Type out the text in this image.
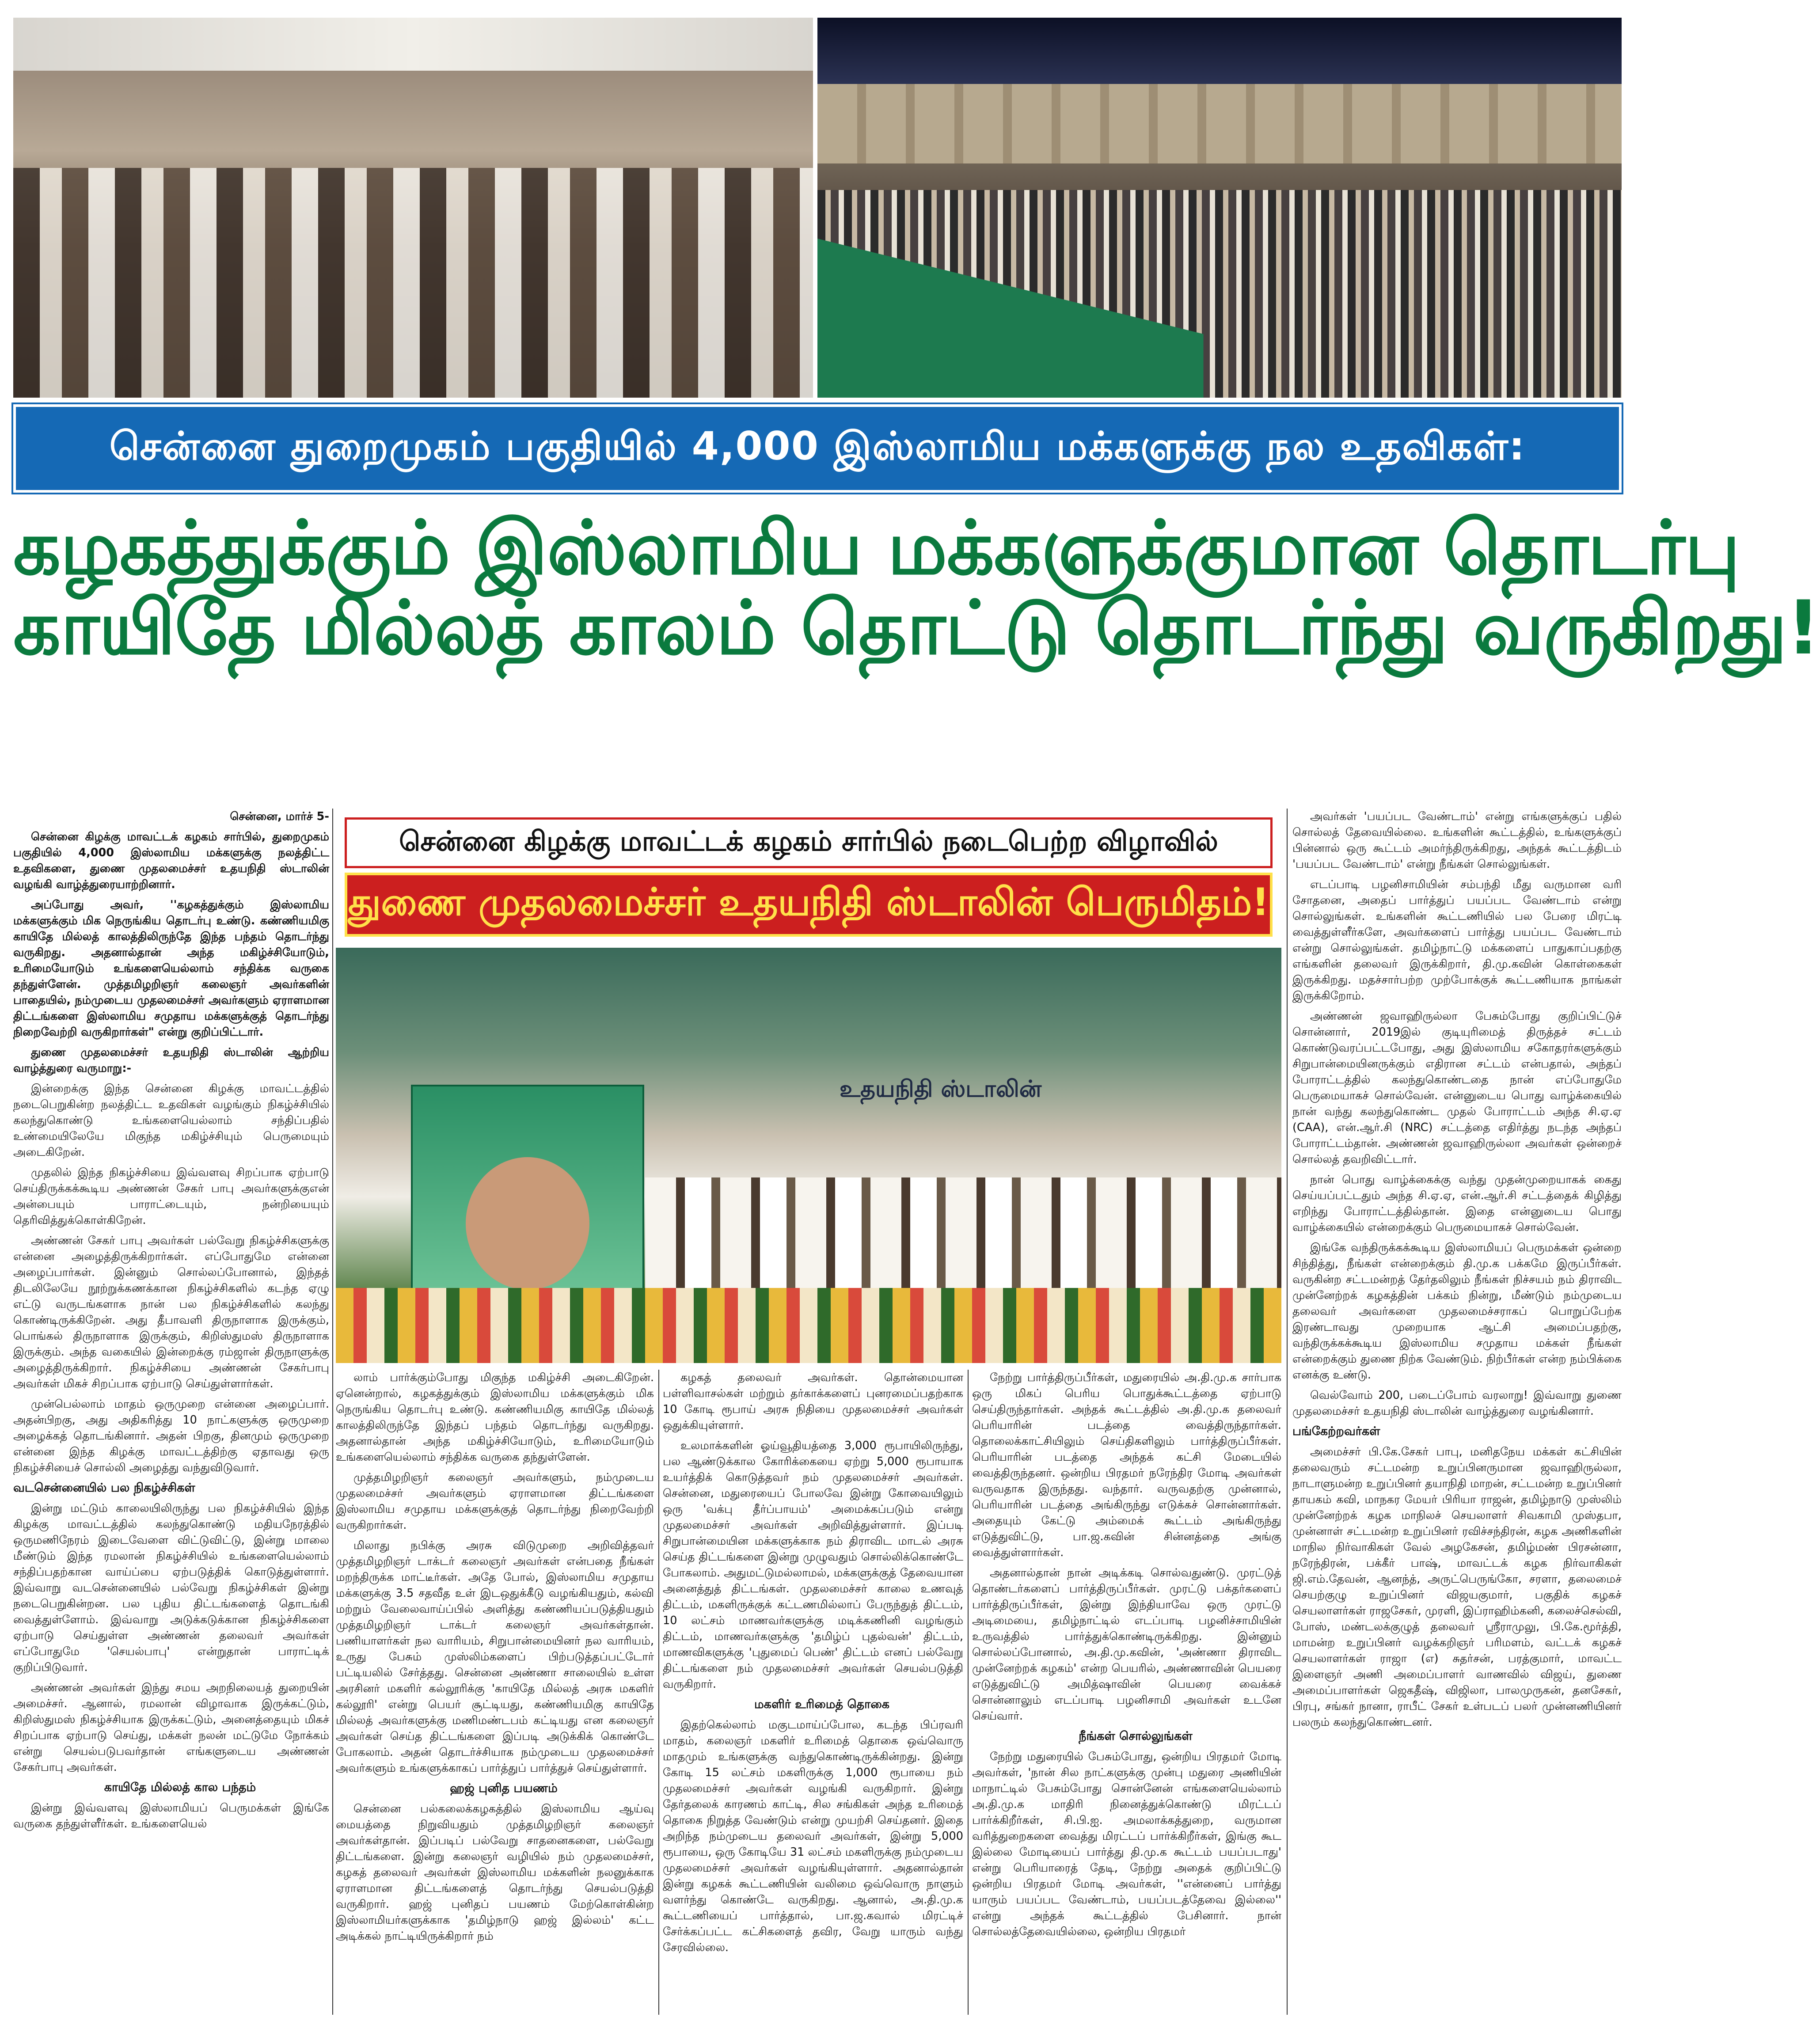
சென்னை துறைமுகம் பகுதியில் 4,000 இஸ்லாமிய மக்களுக்கு நல உதவிகள்:
கழகத்துக்கும் இஸ்லாமிய மக்களுக்குமான தொடர்பு
காயிதே மில்லத் காலம் தொட்டு தொடர்ந்து வருகிறது!

சென்னை, மார்ச் 5-

சென்னை கிழக்கு மாவட்டக் கழகம் சார்பில், துறைமுகம் பகுதியில் 4,000 இஸ்லாமிய மக்களுக்கு நலத்திட்ட உதவிகளை, துணை முதலமைச்சர் உதயநிதி ஸ்டாலின் வழங்கி வாழ்த்துரையாற்றினார்.

அப்போது அவர், ''கழகத்துக்கும் இஸ்லாமிய மக்களுக்கும் மிக நெருங்கிய தொடர்பு உண்டு. கண்ணியமிகு காயிதே மில்லத் காலத்திலிருந்தே இந்த பந்தம் தொடர்ந்து வருகிறது. அதனால்தான் அந்த மகிழ்ச்சியோடும், உரிமையோடும் உங்களையெல்லாம் சந்திக்க வருகை தந்துள்ளேன். முத்தமிழறிஞர் கலைஞர் அவர்களின் பாதையில், நம்முடைய முதலமைச்சர் அவர்களும் ஏராளமான திட்டங்களை இஸ்லாமிய சமுதாய மக்களுக்குத் தொடர்ந்து நிறைவேற்றி வருகிறார்கள்" என்று குறிப்பிட்டார்.

துணை முதலமைச்சர் உதயநிதி ஸ்டாலின் ஆற்றிய வாழ்த்துரை வருமாறு:-

இன்றைக்கு இந்த சென்னை கிழக்கு மாவட்டத்தில் நடைபெறுகின்ற நலத்திட்ட உதவிகள் வழங்கும் நிகழ்ச்சியில் கலந்துகொண்டு உங்களையெல்லாம் சந்திப்பதில் உண்மையிலேயே மிகுந்த மகிழ்ச்சியும் பெருமையும் அடைகிறேன்.

முதலில் இந்த நிகழ்ச்சியை இவ்வளவு சிறப்பாக ஏற்பாடு செய்திருக்கக்கூடிய அண்ணன் சேகர் பாபு அவர்களுக்குஎன் அன்பையும் பாராட்டையும், நன்றியையும் தெரிவித்துக்கொள்கிறேன்.

அண்ணன் சேகர் பாபு அவர்கள் பல்வேறு நிகழ்ச்சிகளுக்கு என்னை அழைத்திருக்கிறார்கள். எப்போதுமே என்னை அழைப்பார்கள். இன்னும் சொல்லப்போனால், இந்தத் திடலிலேயே நூற்றுக்கணக்கான நிகழ்ச்சிகளில் கடந்த ஏழு எட்டு வருடங்களாக நான் பல நிகழ்ச்சிகளில் கலந்து கொண்டிருக்கிறேன். அது தீபாவளி திருநாளாக இருக்கும், பொங்கல் திருநாளாக இருக்கும், கிறிஸ்துமஸ் திருநாளாக இருக்கும். அந்த வகையில் இன்றைக்கு ரம்ஜான் திருநாளுக்கு அழைத்திருக்கிறார். நிகழ்ச்சியை அண்ணன் சேகர்பாபு அவர்கள் மிகச் சிறப்பாக ஏற்பாடு செய்துள்ளார்கள்.

முன்பெல்லாம் மாதம் ஒருமுறை என்னை அழைப்பார். அதன்பிறகு, அது அதிகரித்து 10 நாட்களுக்கு ஒருமுறை அழைக்கத் தொடங்கினார். அதன் பிறகு, தினமும் ஒருமுறை என்னை இந்த கிழக்கு மாவட்டத்திற்கு ஏதாவது ஒரு நிகழ்ச்சியைச் சொல்லி அழைத்து வந்துவிடுவார்.

வடசென்னையில் பல நிகழ்ச்சிகள்

இன்று மட்டும் காலையிலிருந்து பல நிகழ்ச்சியில் இந்த கிழக்கு மாவட்டத்தில் கலந்துகொண்டு மதியநேரத்தில் ஒருமணிநேரம் இடைவேளை விட்டுவிட்டு, இன்று மாலை மீண்டும் இந்த ரமலான் நிகழ்ச்சியில் உங்களையெல்லாம் சந்திப்பதற்கான வாய்ப்பை ஏற்படுத்திக் கொடுத்துள்ளார். இவ்வாறு வடசென்னையில் பல்வேறு நிகழ்ச்சிகள் இன்று நடைபெறுகின்றன. பல புதிய திட்டங்களைத் தொடங்கி வைத்துள்ளோம். இவ்வாறு அடுக்கடுக்கான நிகழ்ச்சிகளை ஏற்பாடு செய்துள்ள அண்ணன் தலைவர் அவர்கள் எப்போதுமே 'செயல்பாபு' என்றுதான் பாராட்டிக் குறிப்பிடுவார்.

அண்ணன் அவர்கள் இந்து சமய அறநிலையத் துறையின் அமைச்சர். ஆனால், ரமலான் விழாவாக இருக்கட்டும், கிறிஸ்துமஸ் நிகழ்ச்சியாக இருக்கட்டும், அனைத்தையும் மிகச் சிறப்பாக ஏற்பாடு செய்து, மக்கள் நலன் மட்டுமே நோக்கம் என்று செயல்படுபவர்தான் எங்களுடைய அண்ணன் சேகர்பாபு அவர்கள்.

காயிதே மில்லத் கால பந்தம்

இன்று இவ்வளவு இஸ்லாமியப் பெருமக்கள் இங்கே வருகை தந்துள்ளீர்கள். உங்களையெல்

சென்னை கிழக்கு மாவட்டக் கழகம் சார்பில் நடைபெற்ற விழாவில்
துணை முதலமைச்சர் உதயநிதி ஸ்டாலின் பெருமிதம்!
உதயநிதி ஸ்டாலின்

லாம் பார்க்கும்போது மிகுந்த மகிழ்ச்சி அடைகிறேன். ஏனென்றால், கழகத்துக்கும் இஸ்லாமிய மக்களுக்கும் மிக நெருங்கிய தொடர்பு உண்டு. கண்ணியமிகு காயிதே மில்லத் காலத்திலிருந்தே இந்தப் பந்தம் தொடர்ந்து வருகிறது. அதனால்தான் அந்த மகிழ்ச்சியோடும், உரிமையோடும் உங்களையெல்லாம் சந்திக்க வருகை தந்துள்ளேன்.

முத்தமிழறிஞர் கலைஞர் அவர்களும், நம்முடைய முதலமைச்சர் அவர்களும் ஏராளமான திட்டங்களை இஸ்லாமிய சமுதாய மக்களுக்குத் தொடர்ந்து நிறைவேற்றி வருகிறார்கள்.

மிலாது நபிக்கு அரசு விடுமுறை அறிவித்தவர் முத்தமிழறிஞர் டாக்டர் கலைஞர் அவர்கள் என்பதை நீங்கள் மறந்திருக்க மாட்டீர்கள். அதே போல், இஸ்லாமிய சமுதாய மக்களுக்கு 3.5 சதவீத உள் இடஒதுக்கீடு வழங்கியதும், கல்வி மற்றும் வேலைவாய்ப்பில் அளித்து கண்ணியப்படுத்தியதும் முத்தமிழறிஞர் டாக்டர் கலைஞர் அவர்கள்தான். பணியாளர்கள் நல வாரியம், சிறுபான்மையினர் நல வாரியம், உருது பேசும் முஸ்லிம்களைப் பிற்படுத்தப்பட்டோர் பட்டியலில் சேர்த்தது. சென்னை அண்ணா சாலையில் உள்ள அரசினர் மகளிர் கல்லூரிக்கு 'காயிதே மில்லத் அரசு மகளிர் கல்லூரி' என்று பெயர் சூட்டியது, கண்ணியமிகு காயிதே மில்லத் அவர்களுக்கு மணிமண்டபம் கட்டியது என கலைஞர் அவர்கள் செய்த திட்டங்களை இப்படி அடுக்கிக் கொண்டே போகலாம். அதன் தொடர்ச்சியாக நம்முடைய முதலமைச்சர் அவர்களும் உங்களுக்காகப் பார்த்துப் பார்த்துச் செய்துள்ளார்.

ஹஜ் புனித பயணம்

சென்னை பல்கலைக்கழகத்தில் இஸ்லாமிய ஆய்வு மையத்தை நிறுவியதும் முத்தமிழறிஞர் கலைஞர் அவர்கள்தான். இப்படிப் பல்வேறு சாதனைகளை, பல்வேறு திட்டங்களை. இன்று கலைஞர் வழியில் நம் முதலமைச்சர், கழகத் தலைவர் அவர்கள் இஸ்லாமிய மக்களின் நலனுக்காக ஏராளமான திட்டங்களைத் தொடர்ந்து செயல்படுத்தி வருகிறார். ஹஜ் புனிதப் பயணம் மேற்கொள்கின்ற இஸ்லாமியர்களுக்காக 'தமிழ்நாடு ஹஜ் இல்லம்' கட்ட அடிக்கல் நாட்டியிருக்கிறார் நம்

கழகத் தலைவர் அவர்கள். தொன்மையான பள்ளிவாசல்கள் மற்றும் தர்காக்களைப் புனரமைப்பதற்காக 10 கோடி ரூபாய் அரசு நிதியை முதலமைச்சர் அவர்கள் ஒதுக்கியுள்ளார்.

உலமாக்களின் ஓய்வூதியத்தை 3,000 ரூபாயிலிருந்து, பல ஆண்டுக்கால கோரிக்கையை ஏற்று 5,000 ரூபாயாக உயர்த்திக் கொடுத்தவர் நம் முதலமைச்சர் அவர்கள். சென்னை, மதுரையைப் போலவே இன்று கோவையிலும் ஒரு 'வக்பு தீர்ப்பாயம்' அமைக்கப்படும் என்று முதலமைச்சர் அவர்கள் அறிவித்துள்ளார். இப்படி சிறுபான்மையின மக்களுக்காக நம் திராவிட மாடல் அரசு செய்த திட்டங்களை இன்று முழுவதும் சொல்லிக்கொண்டே போகலாம். அதுமட்டுமல்லாமல், மக்களுக்குத் தேவையான அனைத்துத் திட்டங்கள். முதலமைச்சர் காலை உணவுத் திட்டம், மகளிருக்குக் கட்டணமில்லாப் பேருந்துத் திட்டம், 10 லட்சம் மாணவர்களுக்கு மடிக்கணினி வழங்கும் திட்டம், மாணவர்களுக்கு 'தமிழ்ப் புதல்வன்' திட்டம், மாணவிகளுக்கு 'புதுமைப் பெண்' திட்டம் எனப் பல்வேறு திட்டங்களை நம் முதலமைச்சர் அவர்கள் செயல்படுத்தி வருகிறார்.

மகளிர் உரிமைத் தொகை

இதற்கெல்லாம் மகுடமாய்ப்போல, கடந்த பிப்ரவரி மாதம், கலைஞர் மகளிர் உரிமைத் தொகை ஒவ்வொரு மாதமும் உங்களுக்கு வந்துகொண்டிருக்கின்றது. இன்று கோடி 15 லட்சம் மகளிருக்கு 1,000 ரூபாயை நம் முதலமைச்சர் அவர்கள் வழங்கி வருகிறார். இன்று தேர்தலைக் காரணம் காட்டி, சில சங்கிகள் அந்த உரிமைத் தொகை நிறுத்த வேண்டும் என்று முயற்சி செய்தனர். இதை அறிந்த நம்முடைய தலைவர் அவர்கள், இன்று 5,000 ரூபாயை, ஒரு கோடியே 31 லட்சம் மகளிருக்கு நம்முடைய முதலமைச்சர் அவர்கள் வழங்கியுள்ளார். அதனால்தான் இன்று கழகக் கூட்டணியின் வலிமை ஒவ்வொரு நாளும் வளர்ந்து கொண்டே வருகிறது. ஆனால், அ.தி.மு.க கூட்டணியைப் பார்த்தால், பா.ஜ.கவால் மிரட்டிச் சேர்க்கப்பட்ட கட்சிகளைத் தவிர, வேறு யாரும் வந்து சேரவில்லை.

நேற்று பார்த்திருப்பீர்கள், மதுரையில் அ.தி.மு.க சார்பாக ஒரு மிகப் பெரிய பொதுக்கூட்டத்தை ஏற்பாடு செய்திருந்தார்கள். அந்தக் கூட்டத்தில் அ.தி.மு.க தலைவர் பெரியாரின் படத்தை வைத்திருந்தார்கள். தொலைக்காட்சியிலும் செய்திகளிலும் பார்த்திருப்பீர்கள். பெரியாரின் படத்தை அந்தக் கட்சி மேடையில் வைத்திருந்தனர். ஒன்றிய பிரதமர் நரேந்திர மோடி அவர்கள் வருவதாக இருந்தது. வந்தார். வருவதற்கு முன்னால், பெரியாரின் படத்தை அங்கிருந்து எடுக்கச் சொன்னார்கள். அதையும் கேட்டு அம்மைக் கூட்டம் அங்கிருந்து எடுத்துவிட்டு, பா.ஜ.கவின் சின்னத்தை அங்கு வைத்துள்ளார்கள்.

அதனால்தான் நான் அடிக்கடி சொல்வதுண்டு. முரட்டுத் தொண்டர்களைப் பார்த்திருப்பீர்கள். முரட்டு பக்தர்களைப் பார்த்திருப்பீர்கள், இன்று இந்தியாவே ஒரு முரட்டு அடிமையை, தமிழ்நாட்டில் எடப்பாடி பழனிச்சாமியின் உருவத்தில் பார்த்துக்கொண்டிருக்கிறது. இன்னும் சொல்லப்போனால், அ.தி.மு.கவின், 'அண்ணா திராவிட முன்னேற்றக் கழகம்' என்ற பெயரில், அண்ணாவின் பெயரை எடுத்துவிட்டு அமித்ஷாவின் பெயரை வைக்கச் சொன்னாலும் எடப்பாடி பழனிசாமி அவர்கள் உடனே செய்வார்.

நீங்கள் சொல்லுங்கள்

நேற்று மதுரையில் பேசும்போது, ஒன்றிய பிரதமர் மோடி அவர்கள், 'நான் சில நாட்களுக்கு முன்பு மதுரை அணியின் மாநாட்டில் பேசும்போது சொன்னேன் எங்களையெல்லாம் அ.தி.மு.க மாதிரி நினைத்துக்கொண்டு மிரட்டப் பார்க்கிறீர்கள், சி.பி.ஐ. அமலாக்கத்துறை, வருமான வரித்துறைகளை வைத்து மிரட்டப் பார்க்கிறீர்கள், இங்கு கூட இல்லை மோடியைப் பார்த்து தி.மு.க கூட்டம் பயப்படாது' என்று பெரியாரைத் தேடி, நேற்று அதைக் குறிப்பிட்டு ஒன்றிய பிரதமர் மோடி அவர்கள், ''என்னைப் பார்த்து யாரும் பயப்பட வேண்டாம், பயப்படத்தேவை இல்லை'' என்று அந்தக் கூட்டத்தில் பேசினார். நான் சொல்லத்தேவையில்லை, ஒன்றிய பிரதமர்

அவர்கள் 'பயப்பட வேண்டாம்' என்று எங்களுக்குப் பதில் சொல்லத் தேவையில்லை. உங்களின் கூட்டத்தில், உங்களுக்குப் பின்னால் ஒரு கூட்டம் அமர்ந்திருக்கிறது, அந்தக் கூட்டத்திடம் 'பயப்பட வேண்டாம்' என்று நீங்கள் சொல்லுங்கள்.

எடப்பாடி பழனிசாமியின் சம்பந்தி மீது வருமான வரி சோதனை, அதைப் பார்த்துப் பயப்பட வேண்டாம் என்று சொல்லுங்கள். உங்களின் கூட்டணியில் பல பேரை மிரட்டி வைத்துள்ளீர்களே, அவர்களைப் பார்த்து பயப்பட வேண்டாம் என்று சொல்லுங்கள். தமிழ்நாட்டு மக்களைப் பாதுகாப்பதற்கு எங்களின் தலைவர் இருக்கிறார், தி.மு.கவின் கொள்கைகள் இருக்கிறது. மதச்சார்பற்ற முற்போக்குக் கூட்டணியாக நாங்கள் இருக்கிறோம்.

அண்ணன் ஜவாஹிருல்லா பேசும்போது குறிப்பிட்டுச் சொன்னார், 2019இல் குடியுரிமைத் திருத்தச் சட்டம் கொண்டுவரப்பட்டபோது, அது இஸ்லாமிய சகோதரர்களுக்கும் சிறுபான்மையினருக்கும் எதிரான சட்டம் என்பதால், அந்தப் போராட்டத்தில் கலந்துகொண்டதை நான் எப்போதுமே பெருமையாகச் சொல்வேன். என்னுடைய பொது வாழ்க்கையில் நான் வந்து கலந்துகொண்ட முதல் போராட்டம் அந்த சி.ஏ.ஏ (CAA), என்.ஆர்.சி (NRC) சட்டத்தை எதிர்த்து நடந்த அந்தப் போராட்டம்தான். அண்ணன் ஜவாஹிருல்லா அவர்கள் ஒன்றைச் சொல்லத் தவறிவிட்டார்.

நான் பொது வாழ்க்கைக்கு வந்து முதன்முறையாகக் கைது செய்யப்பட்டதும் அந்த சி.ஏ.ஏ, என்.ஆர்.சி சட்டத்தைக் கிழித்து எறிந்து போராட்டத்தில்தான். இதை என்னுடைய பொது வாழ்க்கையில் என்றைக்கும் பெருமையாகச் சொல்வேன்.

இங்கே வந்திருக்கக்கூடிய இஸ்லாமியப் பெருமக்கள் ஒன்றை சிந்தித்து, நீங்கள் என்றைக்கும் தி.மு.க பக்கமே இருப்பீர்கள். வருகின்ற சட்டமன்றத் தேர்தலிலும் நீங்கள் நிச்சயம் நம் திராவிட முன்னேற்றக் கழகத்தின் பக்கம் நின்று, மீண்டும் நம்முடைய தலைவர் அவர்களை முதலமைச்சராகப் பொறுப்பேற்க இரண்டாவது முறையாக ஆட்சி அமைப்பதற்கு, வந்திருக்கக்கூடிய இஸ்லாமிய சமுதாய மக்கள் நீங்கள் என்றைக்கும் துணை நிற்க வேண்டும். நிற்பீர்கள் என்ற நம்பிக்கை எனக்கு உண்டு.

வெல்வோம் 200, படைப்போம் வரலாறு! இவ்வாறு துணை முதலமைச்சர் உதயநிதி ஸ்டாலின் வாழ்த்துரை வழங்கினார்.

பங்கேற்றவர்கள்

அமைச்சர் பி.கே.சேகர் பாபு, மனிதநேய மக்கள் கட்சியின் தலைவரும் சட்டமன்ற உறுப்பினருமான ஜவாஹிருல்லா, நாடாளுமன்ற உறுப்பினர் தயாநிதி மாறன், சட்டமன்ற உறுப்பினர் தாயகம் கவி, மாநகர மேயர் பிரியா ராஜன், தமிழ்நாடு முஸ்லிம் முன்னேற்றக் கழக மாநிலச் செயலாளர் சிவகாமி முஸ்தபா, முன்னாள் சட்டமன்ற உறுப்பினர் ரவிச்சந்திரன், கழக அணிகளின் மாநில நிர்வாகிகள் வேல் அழகேசன், தமிழ்மண் பிரசன்னா, நரேந்திரன், பக்கீர் பாஷ், மாவட்டக் கழக நிர்வாகிகள் ஜி.எம்.தேவன், ஆனந்த், அருட்பெருங்கோ, சரளா, தலைமைச் செயற்குழு உறுப்பினர் விஜயகுமார், பகுதிக் கழகச் செயலாளர்கள் ராஜசேகர், முரளி, இப்ராஹிம்கனி, கலைச்செல்வி, போஸ், மண்டலக்குழுத் தலைவர் ஸ்ரீராமுலு, பி.கே.மூர்த்தி, மாமன்ற உறுப்பினர் வழக்கறிஞர் பரிமளம், வட்டக் கழகச் செயலாளர்கள் ராஜா (எ) சுதர்சன், பரத்குமார், மாவட்ட இளைஞர் அணி அமைப்பாளர் வாணவில் விஜய், துணை அமைப்பாளர்கள் ஜெகதீஷ், விஜிலா, பாலமுருகன், தனசேகர், பிரபு, சங்கர் நானா, ராபீட் சேகர் உள்படப் பலர் முன்னணியினர் பலரும் கலந்துகொண்டனர்.
